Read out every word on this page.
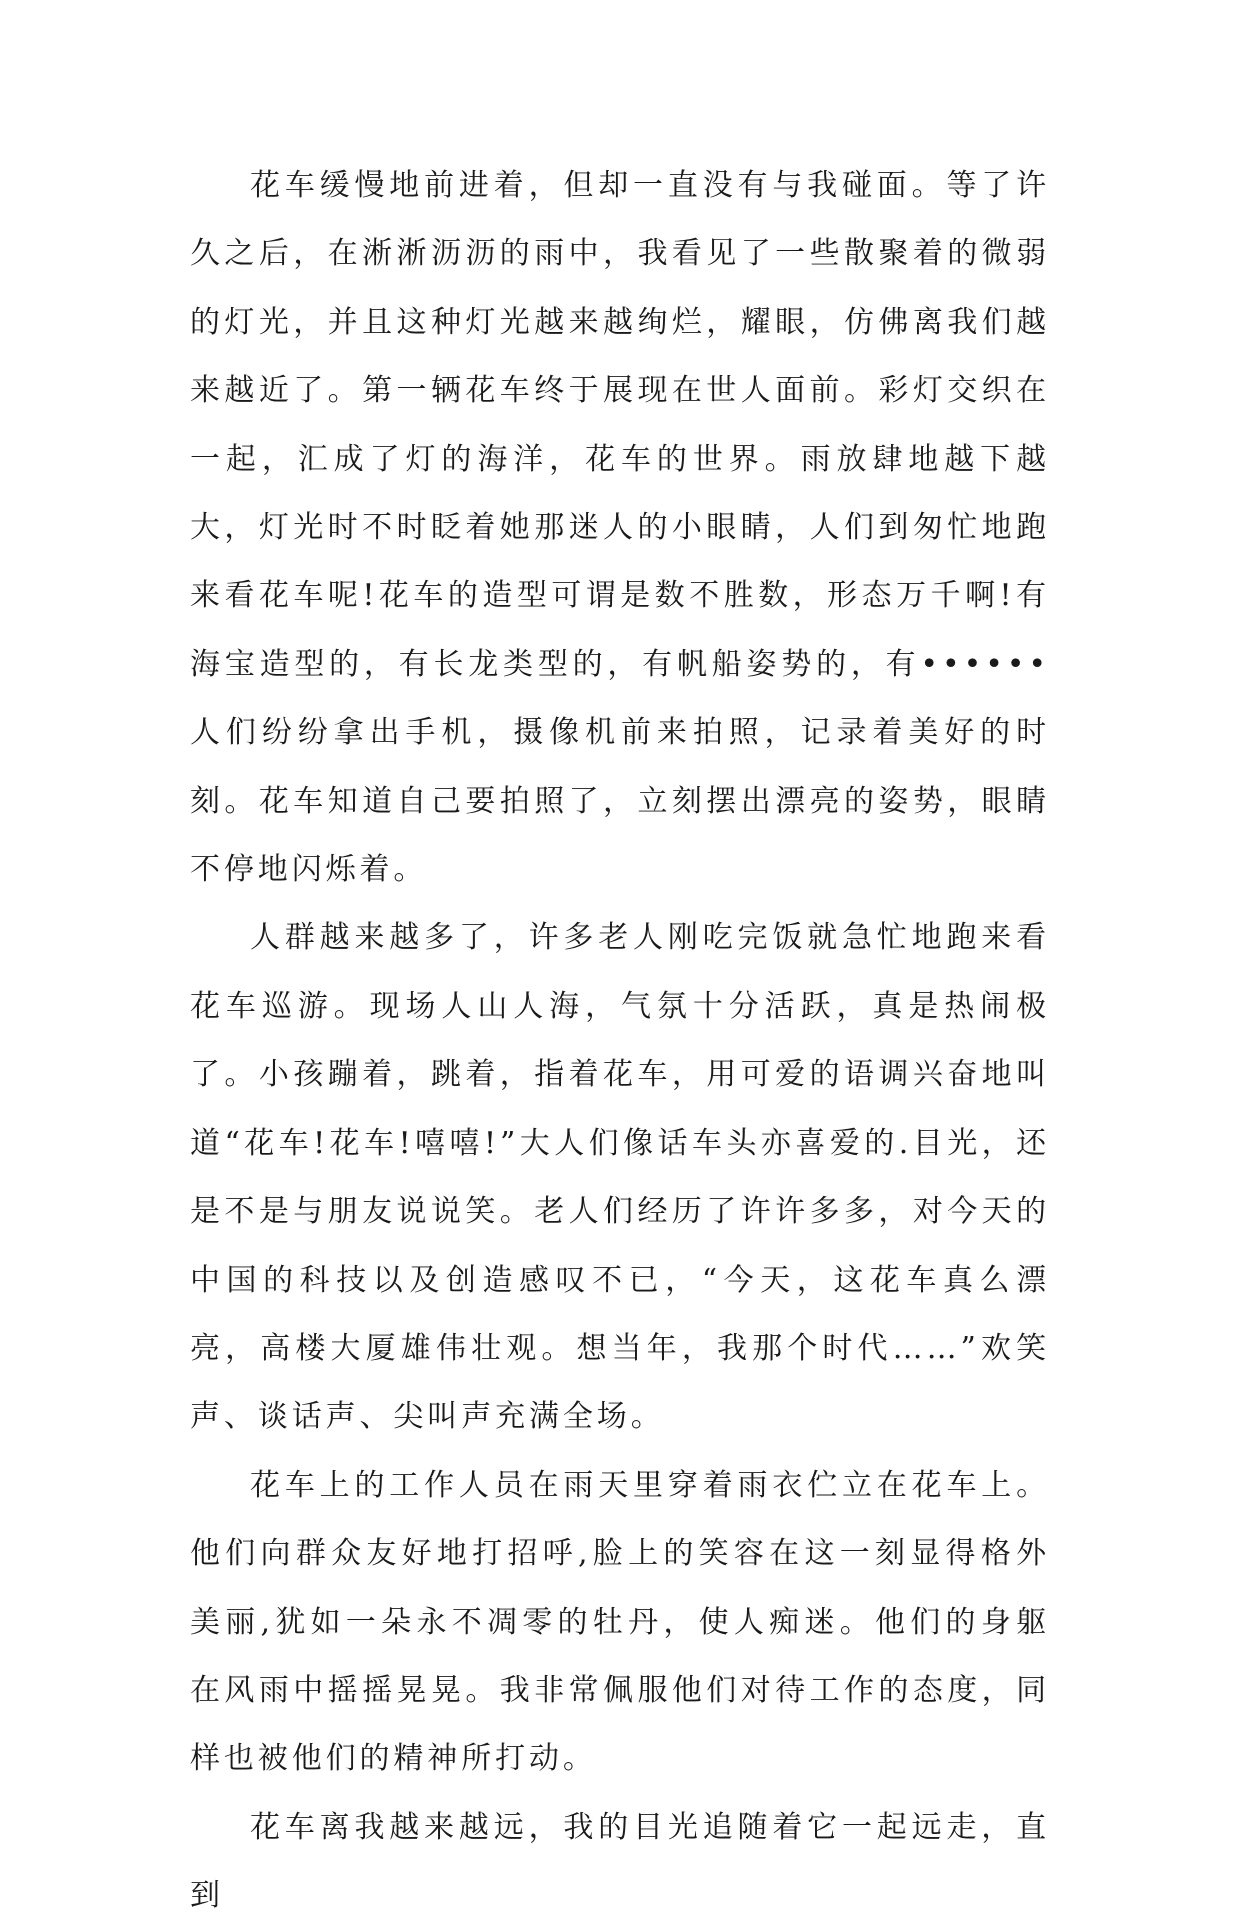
花车缓慢地前进着，但却一直没有与我碰面。等了许久之后，在淅淅沥沥的雨中，我看见了一些散聚着的微弱的灯光，并且这种灯光越来越绚烂，耀眼，仿佛离我们越来越近了。第一辆花车终于展现在世人面前。彩灯交织在一起，汇成了灯的海洋，花车的世界。雨放肆地越下越大，灯光时不时眨着她那迷人的小眼睛，人们到匆忙地跑来看花车呢!花车的造型可谓是数不胜数，形态万千啊!有海宝造型的，有长龙类型的，有帆船姿势的，有••••••人们纷纷拿出手机，摄像机前来拍照，记录着美好的时刻。花车知道自己要拍照了，立刻摆出漂亮的姿势，眼睛不停地闪烁着。

人群越来越多了，许多老人刚吃完饭就急忙地跑来看花车巡游。现场人山人海，气氛十分活跃，真是热闹极了。小孩蹦着，跳着，指着花车，用可爱的语调兴奋地叫道“花车!花车!嘻嘻!”大人们像话车头亦喜爱的.目光，还是不是与朋友说说笑。老人们经历了许许多多，对今天的中国的科技以及创造感叹不已，“今天，这花车真么漂亮，高楼大厦雄伟壮观。想当年，我那个时代……”欢笑声、谈话声、尖叫声充满全场。

花车上的工作人员在雨天里穿着雨衣伫立在花车上。他们向群众友好地打招呼,脸上的笑容在这一刻显得格外美丽,犹如一朵永不凋零的牡丹，使人痴迷。他们的身躯在风雨中摇摇晃晃。我非常佩服他们对待工作的态度，同样也被他们的精神所打动。

花车离我越来越远，我的目光追随着它一起远走，直到
